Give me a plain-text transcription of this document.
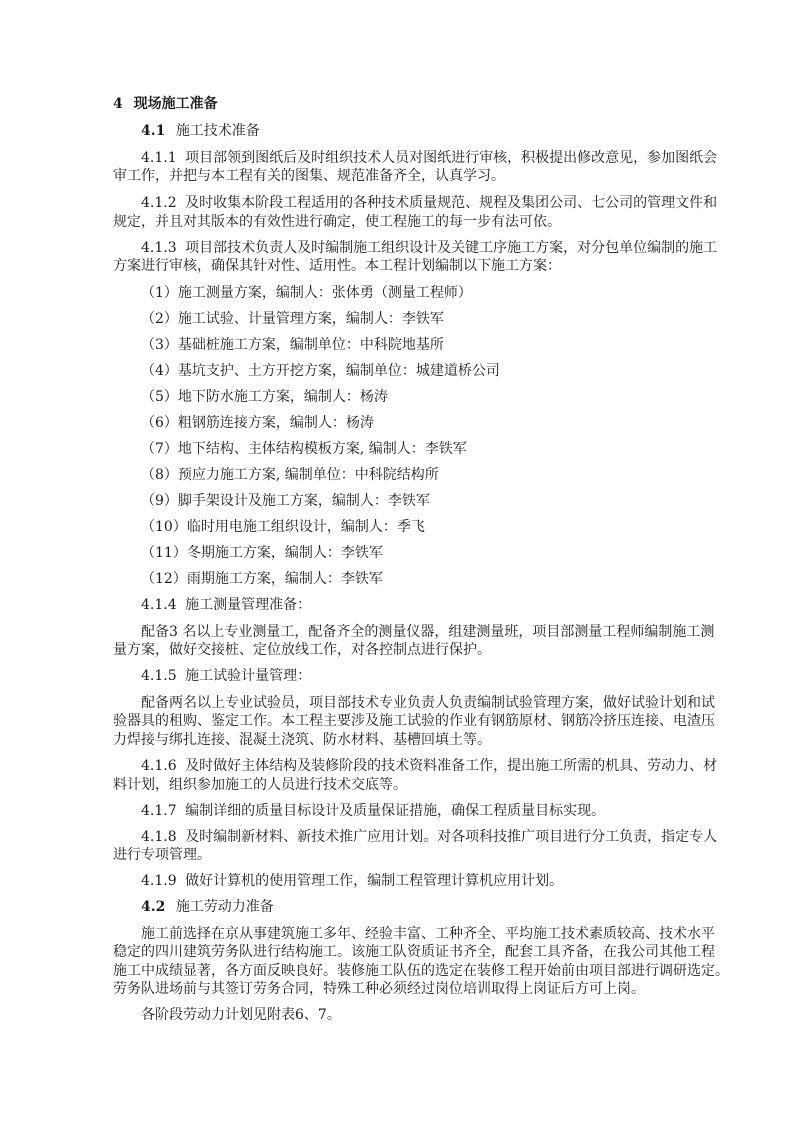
4 现场施工准备
4.1 施工技术准备
4.1.1 项目部领到图纸后及时组织技术人员对图纸进行审核，积极提出修改意见，参加图纸会
审工作，并把与本工程有关的图集、规范准备齐全，认真学习。
4.1.2 及时收集本阶段工程适用的各种技术质量规范、规程及集团公司、七公司的管理文件和
规定，并且对其版本的有效性进行确定，使工程施工的每一步有法可依。
4.1.3 项目部技术负责人及时编制施工组织设计及关键工序施工方案，对分包单位编制的施工
方案进行审核，确保其针对性、适用性。本工程计划编制以下施工方案：
（1）施工测量方案，编制人：张体勇（测量工程师）
（2）施工试验、计量管理方案，编制人：李铁军
（3）基础桩施工方案，编制单位：中科院地基所
（4）基坑支护、土方开挖方案，编制单位：城建道桥公司
（5）地下防水施工方案，编制人：杨涛
（6）粗钢筋连接方案，编制人：杨涛
（7）地下结构、主体结构模板方案, 编制人：李铁军
（8）预应力施工方案, 编制单位：中科院结构所
（9）脚手架设计及施工方案，编制人：李铁军
（10）临时用电施工组织设计，编制人：季飞
（11）冬期施工方案，编制人：李铁军
（12）雨期施工方案，编制人：李铁军
4.1.4 施工测量管理准备：
配备3 名以上专业测量工，配备齐全的测量仪器，组建测量班，项目部测量工程师编制施工测
量方案，做好交接桩、定位放线工作，对各控制点进行保护。
4.1.5 施工试验计量管理：
配备两名以上专业试验员，项目部技术专业负责人负责编制试验管理方案，做好试验计划和试
验器具的租购、鉴定工作。本工程主要涉及施工试验的作业有钢筋原材、钢筋冷挤压连接、电渣压
力焊接与绑扎连接、混凝土浇筑、防水材料、基槽回填土等。
4.1.6 及时做好主体结构及装修阶段的技术资料准备工作，提出施工所需的机具、劳动力、材
料计划，组织参加施工的人员进行技术交底等。
4.1.7 编制详细的质量目标设计及质量保证措施，确保工程质量目标实现。
4.1.8 及时编制新材料、新技术推广应用计划。对各项科技推广项目进行分工负责，指定专人
进行专项管理。
4.1.9 做好计算机的使用管理工作，编制工程管理计算机应用计划。
4.2 施工劳动力准备
施工前选择在京从事建筑施工多年、经验丰富、工种齐全、平均施工技术素质较高、技术水平
稳定的四川建筑劳务队进行结构施工。该施工队资质证书齐全，配套工具齐备，在我公司其他工程
施工中成绩显著，各方面反映良好。装修施工队伍的选定在装修工程开始前由项目部进行调研选定。
劳务队进场前与其签订劳务合同，特殊工种必须经过岗位培训取得上岗证后方可上岗。
各阶段劳动力计划见附表6、7。
